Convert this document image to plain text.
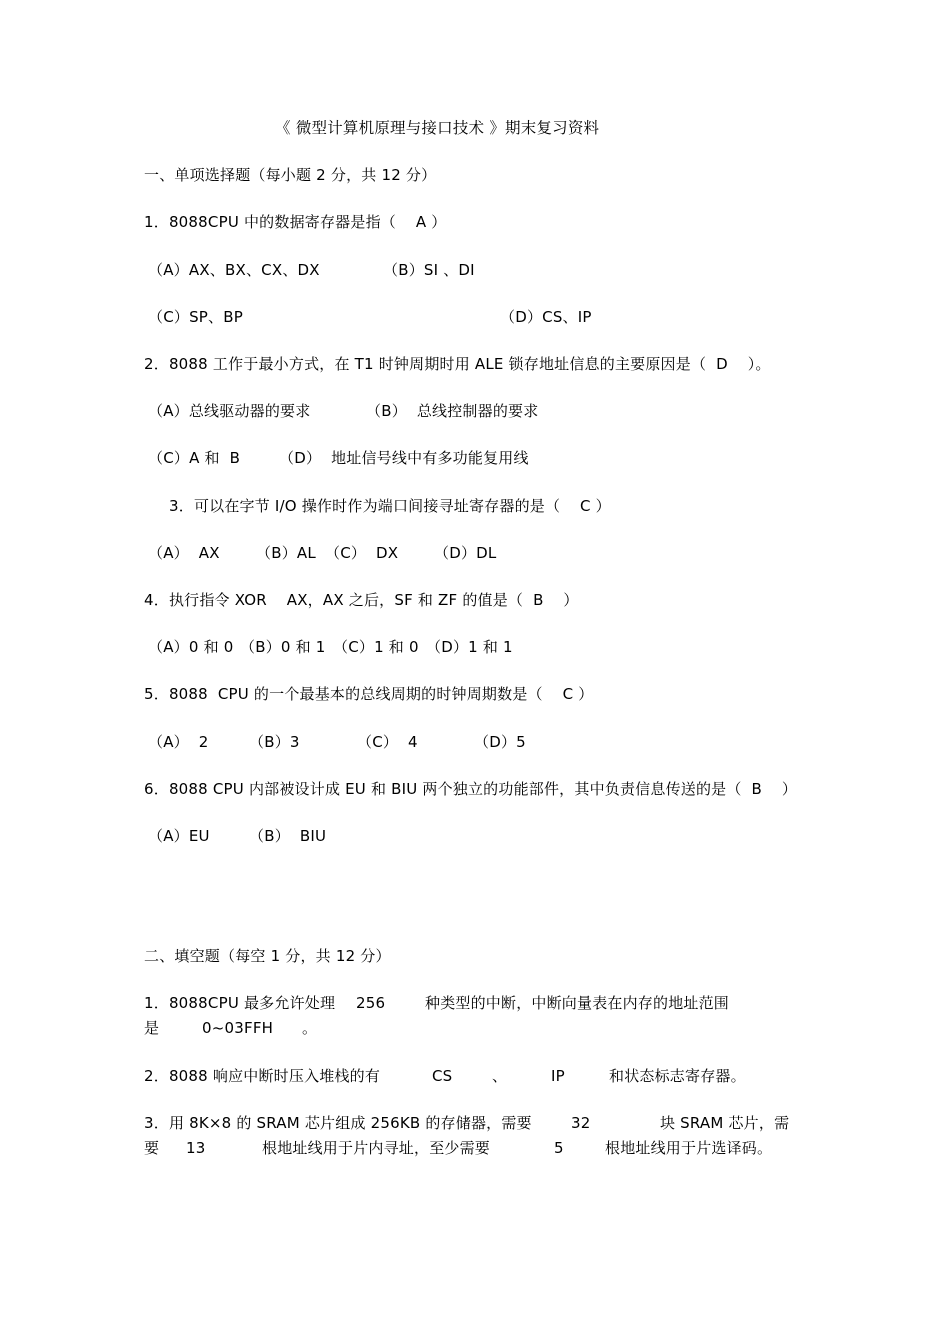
《 微型计算机原理与接口技术 》期末复习资料
一、单项选择题（每小题 2 分，共 12 分）
1．8088CPU 中的数据寄存器是指（    A ）
（A）AX、BX、CX、DX	（B）SI 、DI
（C）SP、BP	（D）CS、IP
2．8088 工作于最小方式，在 T1 时钟周期时用 ALE 锁存地址信息的主要原因是（  D    ）。
（A）总线驱动器的要求	（B）  总线控制器的要求
（C）A 和  B	（D）  地址信号线中有多功能复用线
3．可以在字节 I/O 操作时作为端口间接寻址寄存器的是（    C ）
（A）  AX （B）AL （C）  DX （D）DL
4．执行指令 XOR    AX，AX 之后，SF 和 ZF 的值是（  B    ）
（A）0 和 0 （B）0 和 1 （C）1 和 0 （D）1 和 1
5．8088  CPU 的一个最基本的总线周期的时钟周期数是（    C ）
（A）  2	（B）3	（C）  4	（D）5
6．8088 CPU 内部被设计成 EU 和 BIU 两个独立的功能部件，其中负责信息传送的是（  B    ）
（A）EU	（B）  BIU
二、填空题（每空 1 分，共 12 分）
1．8088CPU 最多允许处理 256	种类型的中断，中断向量表在内存的地址范围
是	0~03FFH 。
2．8088 响应中断时压入堆栈的有	CS	、	IP	和状态标志寄存器。
3．用 8K×8 的 SRAM 芯片组成 256KB 的存储器，需要	32	块 SRAM 芯片，需
要 13	根地址线用于片内寻址，至少需要	5	根地址线用于片选译码。
